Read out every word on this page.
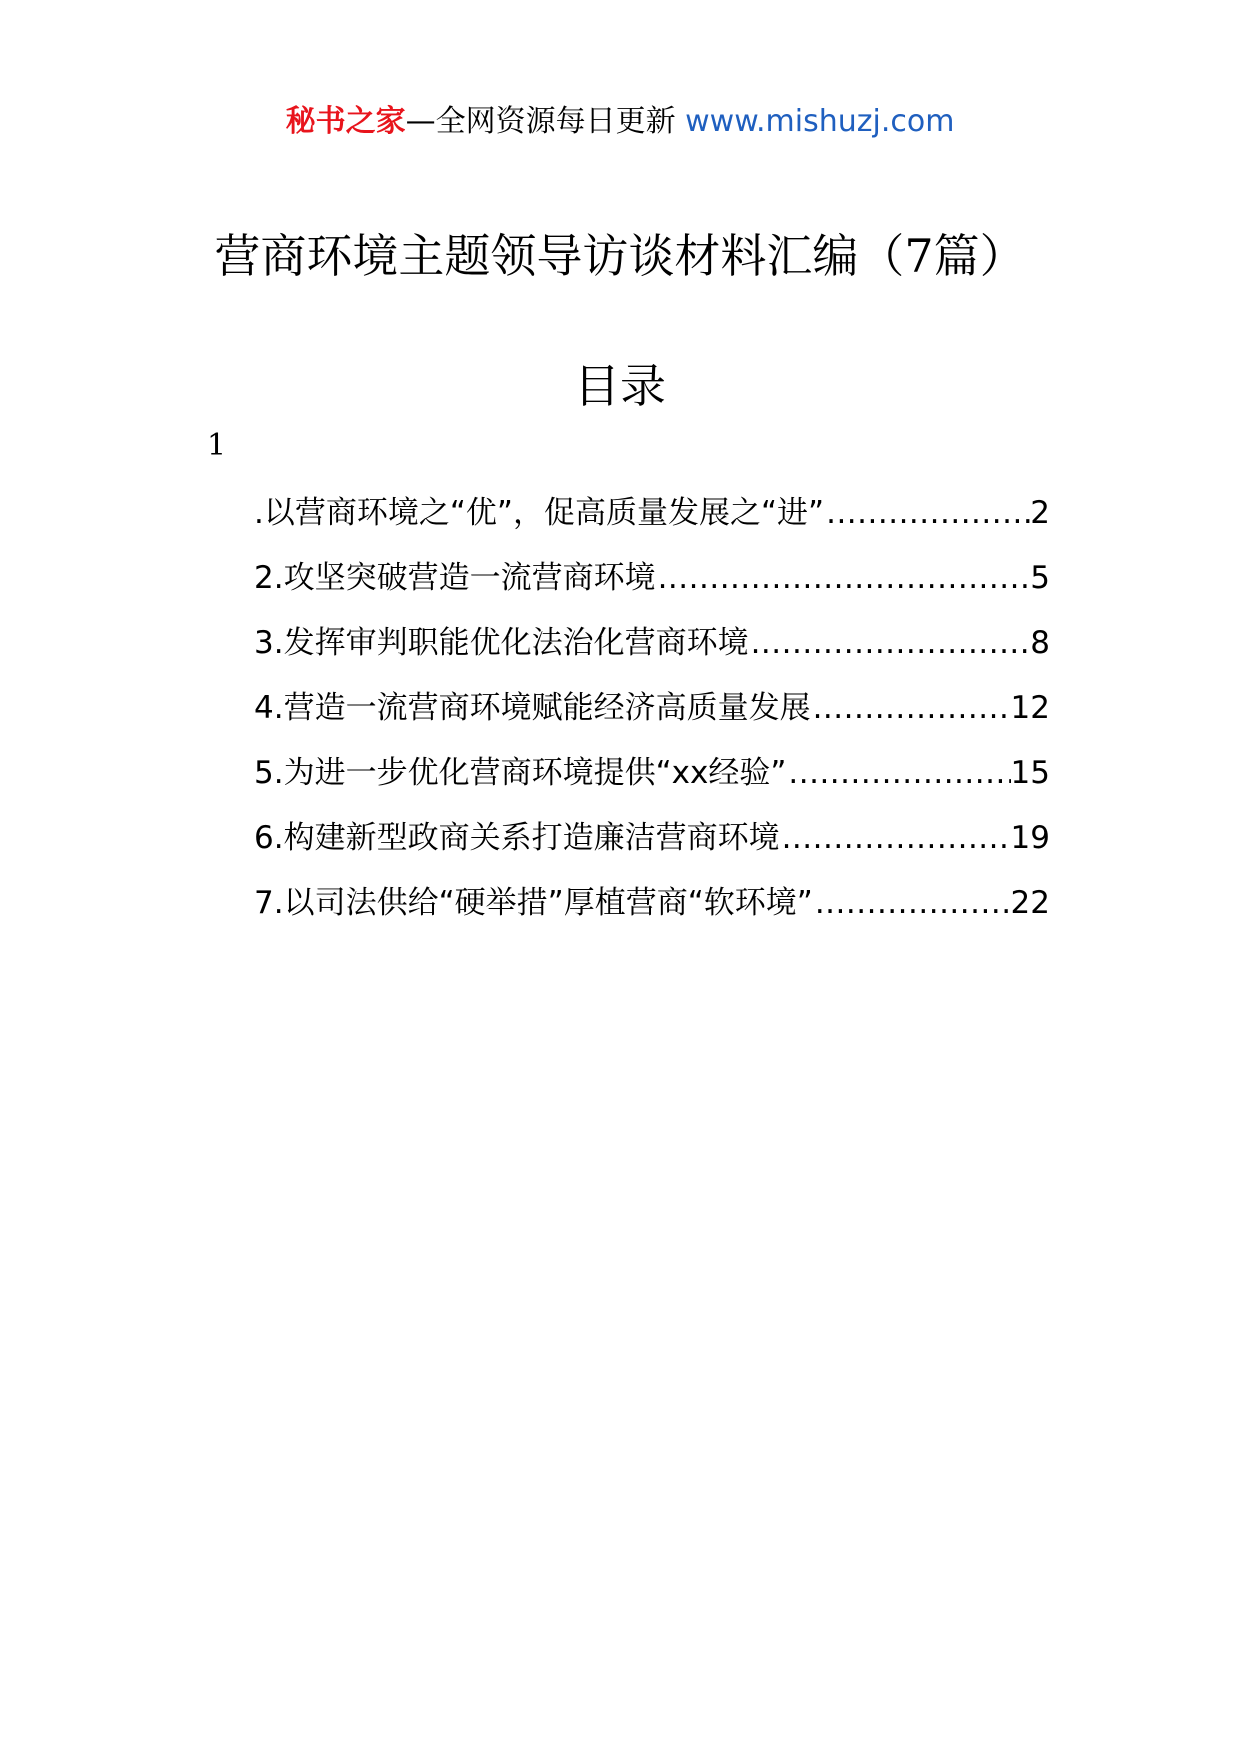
秘书之家—全网资源每日更新 www.mishuzj.com
营商环境主题领导访谈材料汇编（7篇）
目录
1
.以营商环境之“优”，促高质量发展之“进” .....	2
2.攻坚突破营造一流营商环境 .....	5
3.发挥审判职能优化法治化营商环境 .....	8
4.营造一流营商环境赋能经济高质量发展 .....	12
5.为进一步优化营商环境提供“xx经验” .....	15
6.构建新型政商关系打造廉洁营商环境 .....	19
7.以司法供给“硬举措”厚植营商“软环境” .....	22
